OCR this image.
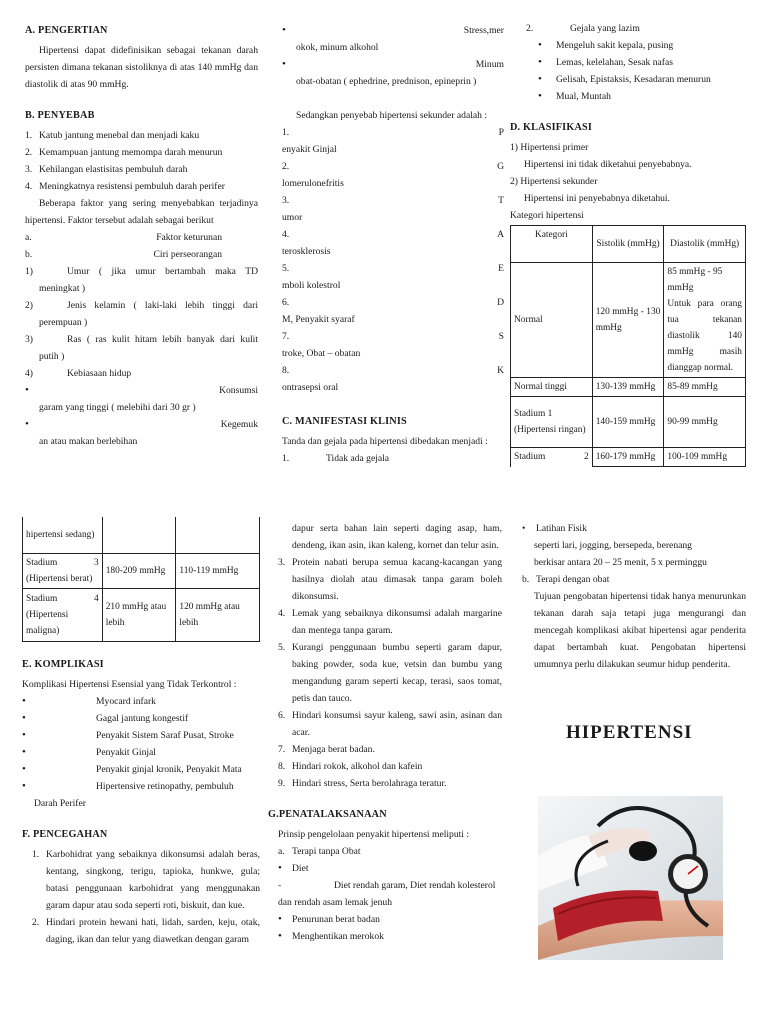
A. PENGERTIAN

Hipertensi dapat didefinisikan sebagai tekanan darah persisten dimana tekanan sistoliknya di atas 140 mmHg dan diastolik di atas 90 mmHg.

B. PENYEBAB
1. Katub jantung menebal dan menjadi kaku
2. Kemampuan jantung memompa darah menurun
3. Kehilangan elastisitas pembuluh darah
4. Meningkatnya resistensi pembuluh darah perifer

Beberapa faktor yang sering menyebabkan terjadinya hipertensi. Faktor tersebut adalah sebagai berikut

a.	Faktor keturunan
b.	Ciri perseorangan
1)	Umur ( jika umur bertambah maka TD
meningkat )
2)	Jenis kelamin ( laki-laki lebih tinggi dari
perempuan )
3)	Ras ( ras kulit hitam lebih banyak dari kulit
putih )
4)	Kebiasaan hidup
•	Konsumsi
garam yang tinggi ( melebihi dari 30 gr )
•	Kegemuk
an atau makan berlebihan
•	Stress,mer
okok, minum alkohol
•	Minum
obat-obatan ( ephedrine, prednison, epineprin )

Sedangkan penyebab hipertensi sekunder adalah :

1.	P
enyakit Ginjal
2.	G
lomerulonefritis
3.	T
umor
4.	A
terosklerosis
5.	E
mboli kolestrol
6.	D
M, Penyakit syaraf
7.	S
troke, Obat – obatan
8.	K
ontrasepsi oral
C. MANIFESTASI KLINIS

Tanda dan gejala pada hipertensi dibedakan menjadi :

1.	Tidak ada gejala
2.	Gejala yang lazim
•	Mengeluh sakit kepala, pusing
•	Lemas, kelelahan, Sesak nafas
•	Gelisah, Epistaksis, Kesadaran menurun
•	Mual, Muntah
D. KLASIFIKASI

1) Hipertensi primer

Hipertensi ini tidak diketahui penyebabnya.

2) Hipertensi sekunder

Hipertensi ini penyebabnya diketahui.

Kategori hipertensi

Kategori	Sistolik (mmHg)	Diastolik (mmHg)
Normal	120 mmHg - 130 mmHg	85 mmHg - 95 mmHg
Untuk para orang tua tekanan diastolik 140 mmHg masih dianggap normal.

Normal tinggi	130-139 mmHg	85-89 mmHg
Stadium 1 (Hipertensi ringan)	140-159 mmHg	90-99 mmHg

Stadium 2	160-179 mmHg	100-109 mmHg
hipertensi sedang)		

Stadium 3
(Hipertensi berat)	180-209 mmHg	110-119 mmHg

Stadium 4
(Hipertensi maligna)	210 mmHg atau lebih	120 mmHg atau lebih
E. KOMPLIKASI

Komplikasi Hipertensi Esensial yang Tidak Terkontrol :

•	Myocard infark
•	Gagal jantung kongestif
•	Penyakit Sistem Saraf Pusat, Stroke
•	Penyakit Ginjal
•	Penyakit ginjal kronik, Penyakit Mata
•	Hipertensive retinopathy, pembuluh
Darah Perifer
F. PENCEGAHAN
1. Karbohidrat yang sebaiknya dikonsumsi adalah beras, kentang, singkong, terigu, tapioka, hunkwe, gula; batasi penggunaan karbohidrat yang menggunakan garam dapur atau soda seperti roti, biskuit, dan kue.
2. Hindari protein hewani hati, lidah, sarden, keju, otak, daging, ikan dan telur yang diawetkan dengan garam

dapur serta bahan lain seperti daging asap, ham, dendeng, ikan asin, ikan kaleng, kornet dan telur asin.

3. Protein nabati berupa semua kacang-kacangan yang hasilnya diolah atau dimasak tanpa garam boleh dikonsumsi.
4. Lemak yang sebaiknya dikonsumsi adalah margarine dan mentega tanpa garam.
5. Kurangi penggunaan bumbu seperti garam dapur, baking powder, soda kue, vetsin dan bumbu yang mengandung garam seperti kecap, terasi, saos tomat, petis dan tauco.
6. Hindari konsumsi sayur kaleng, sawi asin, asinan dan acar.
7. Menjaga berat badan.
8. Hindari rokok, alkohol dan kafein
9. Hindari stress, Serta berolahraga teratur.
G.PENATALAKSANAAN

Prinsip pengelolaan penyakit hipertensi meliputi :

a. Terapi tanpa Obat
•	Diet
-	Diet rendah garam, Diet rendah kolesterol
dan rendah asam lemak jenuh
•	Penurunan berat badan
•	Menghentikan merokok
•	Latihan Fisik
seperti lari, jogging, bersepeda, berenang
berkisar antara 20 – 25 menit, 5 x perminggu
b. Terapi dengan obat

Tujuan pengobatan hipertensi tidak hanya menurunkan tekanan darah saja tetapi juga mengurangi dan mencegah komplikasi akibat hipertensi agar penderita dapat bertambah kuat. Pengobatan hipertensi umumnya perlu dilakukan seumur hidup penderita.

HIPERTENSI
